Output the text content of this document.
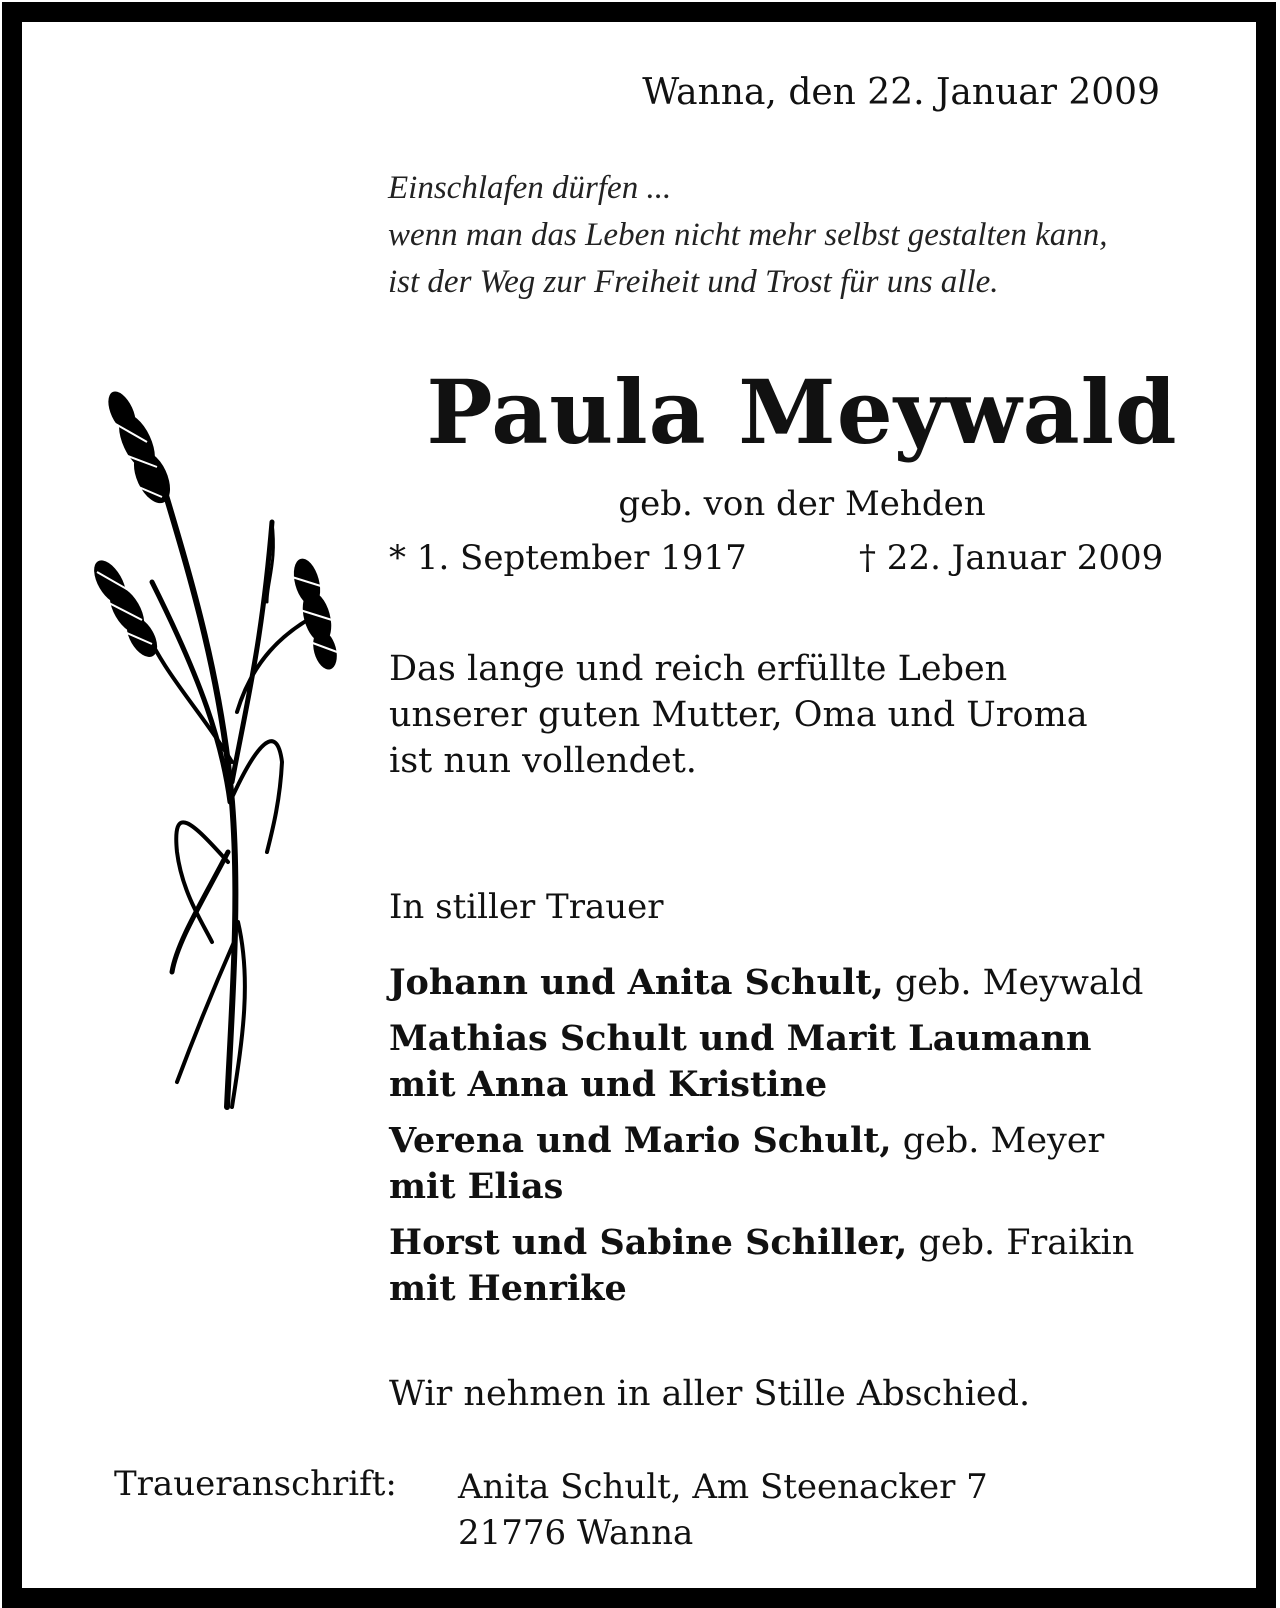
Wanna, den 22. Januar 2009

Einschlafen dürfen ...
wenn man das Leben nicht mehr selbst gestalten kann,
ist der Weg zur Freiheit und Trost für uns alle.
Paula Meywald

geb. von der Mehden

* 1. September 1917	† 22. Januar 2009
Das lange und reich erfüllte Leben
unserer guten Mutter, Oma und Uroma
ist nun vollendet.

In stiller Trauer

Johann und Anita Schult, geb. Meywald
Mathias Schult und Marit Laumann
mit Anna und Kristine
Verena und Mario Schult, geb. Meyer
mit Elias
Horst und Sabine Schiller, geb. Fraikin
mit Henrike

Wir nehmen in aller Stille Abschied.

Traueranschrift: Anita Schult, Am Steenacker 7
21776 Wanna
